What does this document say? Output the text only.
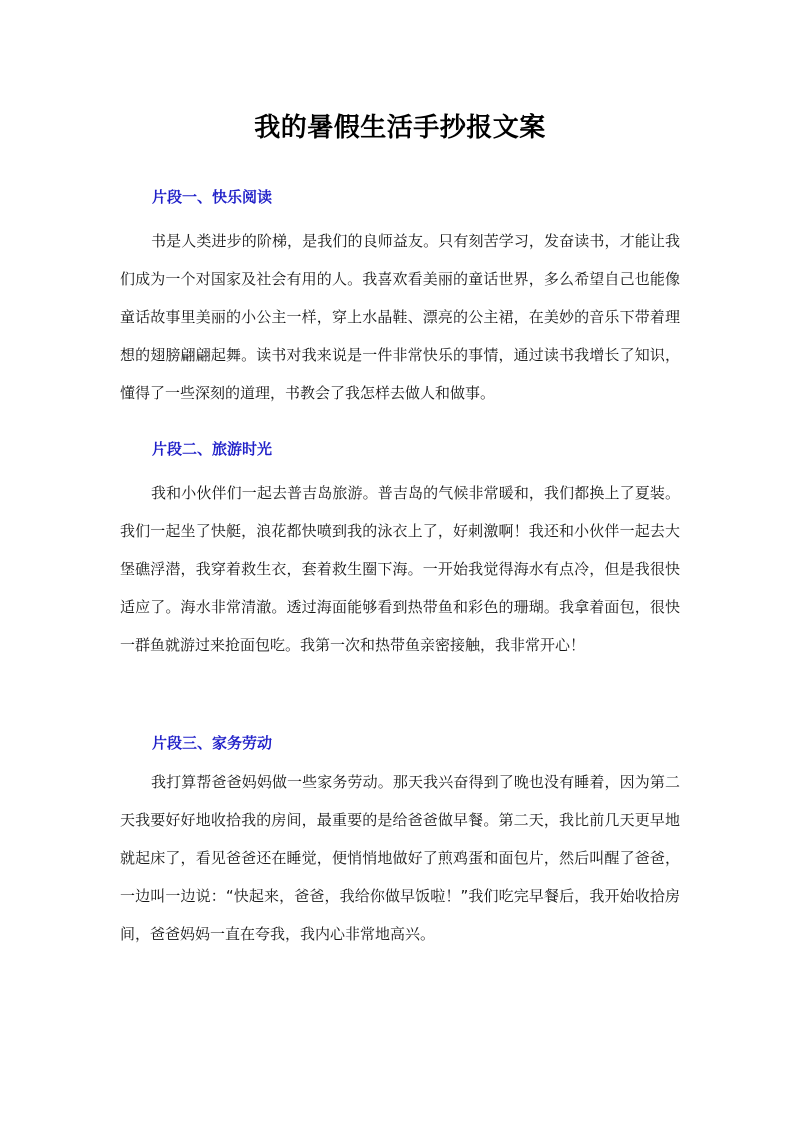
我的暑假生活手抄报文案
片段一、快乐阅读

书是人类进步的阶梯，是我们的良师益友。只有刻苦学习，发奋读书，才能让我们成为一个对国家及社会有用的人。我喜欢看美丽的童话世界，多么希望自己也能像童话故事里美丽的小公主一样，穿上水晶鞋、漂亮的公主裙，在美妙的音乐下带着理想的翅膀翩翩起舞。读书对我来说是一件非常快乐的事情，通过读书我增长了知识，懂得了一些深刻的道理，书教会了我怎样去做人和做事。

片段二、旅游时光

我和小伙伴们一起去普吉岛旅游。普吉岛的气候非常暖和，我们都换上了夏装。我们一起坐了快艇，浪花都快喷到我的泳衣上了，好刺激啊！我还和小伙伴一起去大堡礁浮潜，我穿着救生衣，套着救生圈下海。一开始我觉得海水有点冷，但是我很快适应了。海水非常清澈。透过海面能够看到热带鱼和彩色的珊瑚。我拿着面包，很快一群鱼就游过来抢面包吃。我第一次和热带鱼亲密接触，我非常开心！

片段三、家务劳动

我打算帮爸爸妈妈做一些家务劳动。那天我兴奋得到了晚也没有睡着，因为第二天我要好好地收拾我的房间，最重要的是给爸爸做早餐。第二天，我比前几天更早地就起床了，看见爸爸还在睡觉，便悄悄地做好了煎鸡蛋和面包片，然后叫醒了爸爸，一边叫一边说：“快起来，爸爸，我给你做早饭啦！”我们吃完早餐后，我开始收拾房间，爸爸妈妈一直在夸我，我内心非常地高兴。
